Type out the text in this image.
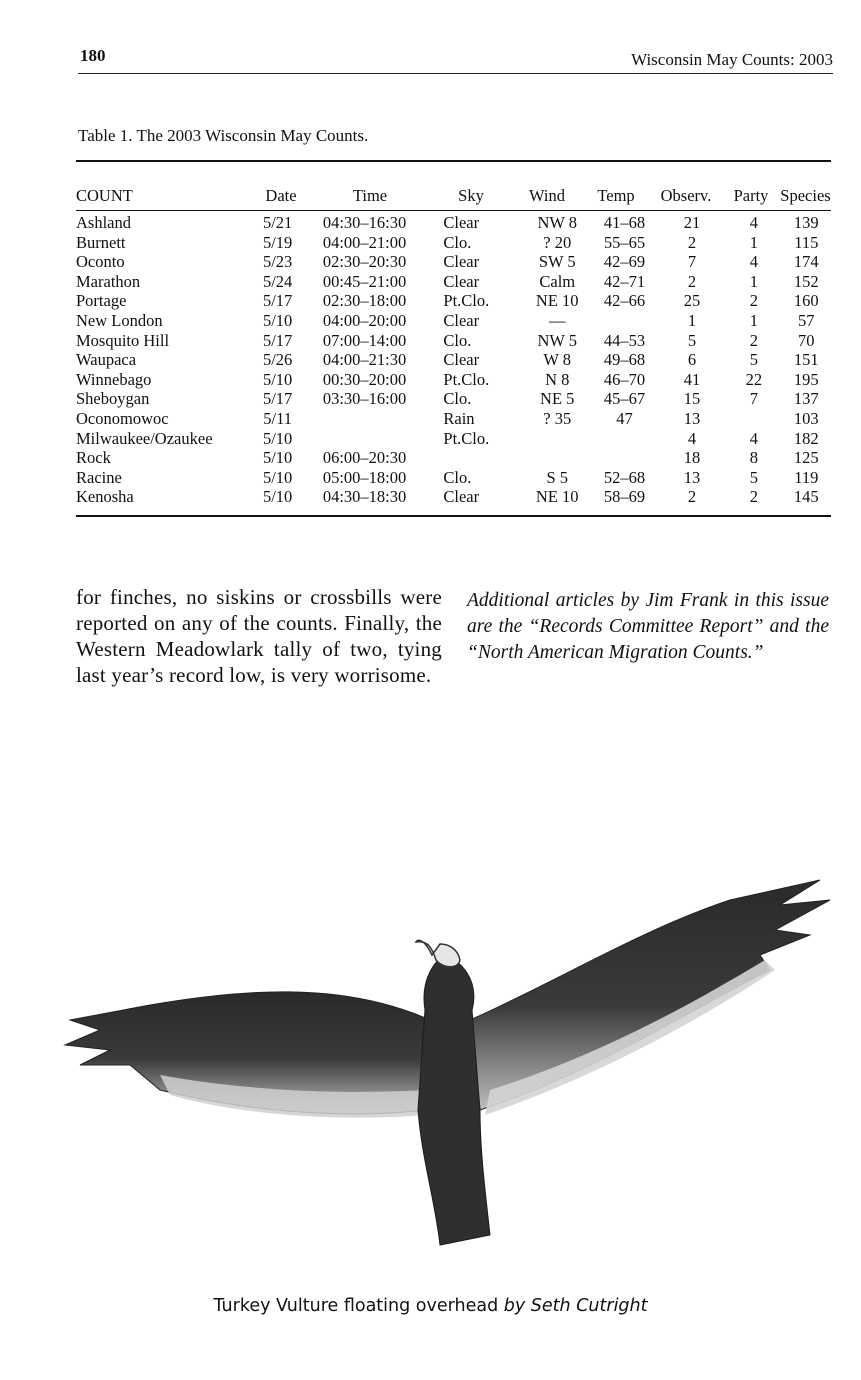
180	Wisconsin May Counts: 2003
Table 1. The 2003 Wisconsin May Counts.
COUNT	Date	Time	Sky	Wind	Temp	Observ.	Party	Species
Ashland	5/21	04:30–16:30	Clear	NW 8	41–68	21	4	139
Burnett	5/19	04:00–21:00	Clo.	? 20	55–65	2	1	115
Oconto	5/23	02:30–20:30	Clear	SW 5	42–69	7	4	174
Marathon	5/24	00:45–21:00	Clear	Calm	42–71	2	1	152
Portage	5/17	02:30–18:00	Pt.Clo.	NE 10	42–66	25	2	160
New London	5/10	04:00–20:00	Clear	—		1	1	57
Mosquito Hill	5/17	07:00–14:00	Clo.	NW 5	44–53	5	2	70
Waupaca	5/26	04:00–21:30	Clear	W 8	49–68	6	5	151
Winnebago	5/10	00:30–20:00	Pt.Clo.	N 8	46–70	41	22	195
Sheboygan	5/17	03:30–16:00	Clo.	NE 5	45–67	15	7	137
Oconomowoc	5/11		Rain	? 35	47	13		103
Milwaukee/Ozaukee	5/10		Pt.Clo.			4	4	182
Rock	5/10	06:00–20:30				18	8	125
Racine	5/10	05:00–18:00	Clo.	S 5	52–68	13	5	119
Kenosha	5/10	04:30–18:30	Clear	NE 10	58–69	2	2	145
for finches, no siskins or crossbills were reported on any of the counts. Finally, the Western Meadowlark tally of two, tying last year’s record low, is very worrisome.
Additional articles by Jim Frank in this issue are the “Records Committee Report” and the “North American Migration Counts.”
Turkey Vulture floating overhead by Seth Cutright
